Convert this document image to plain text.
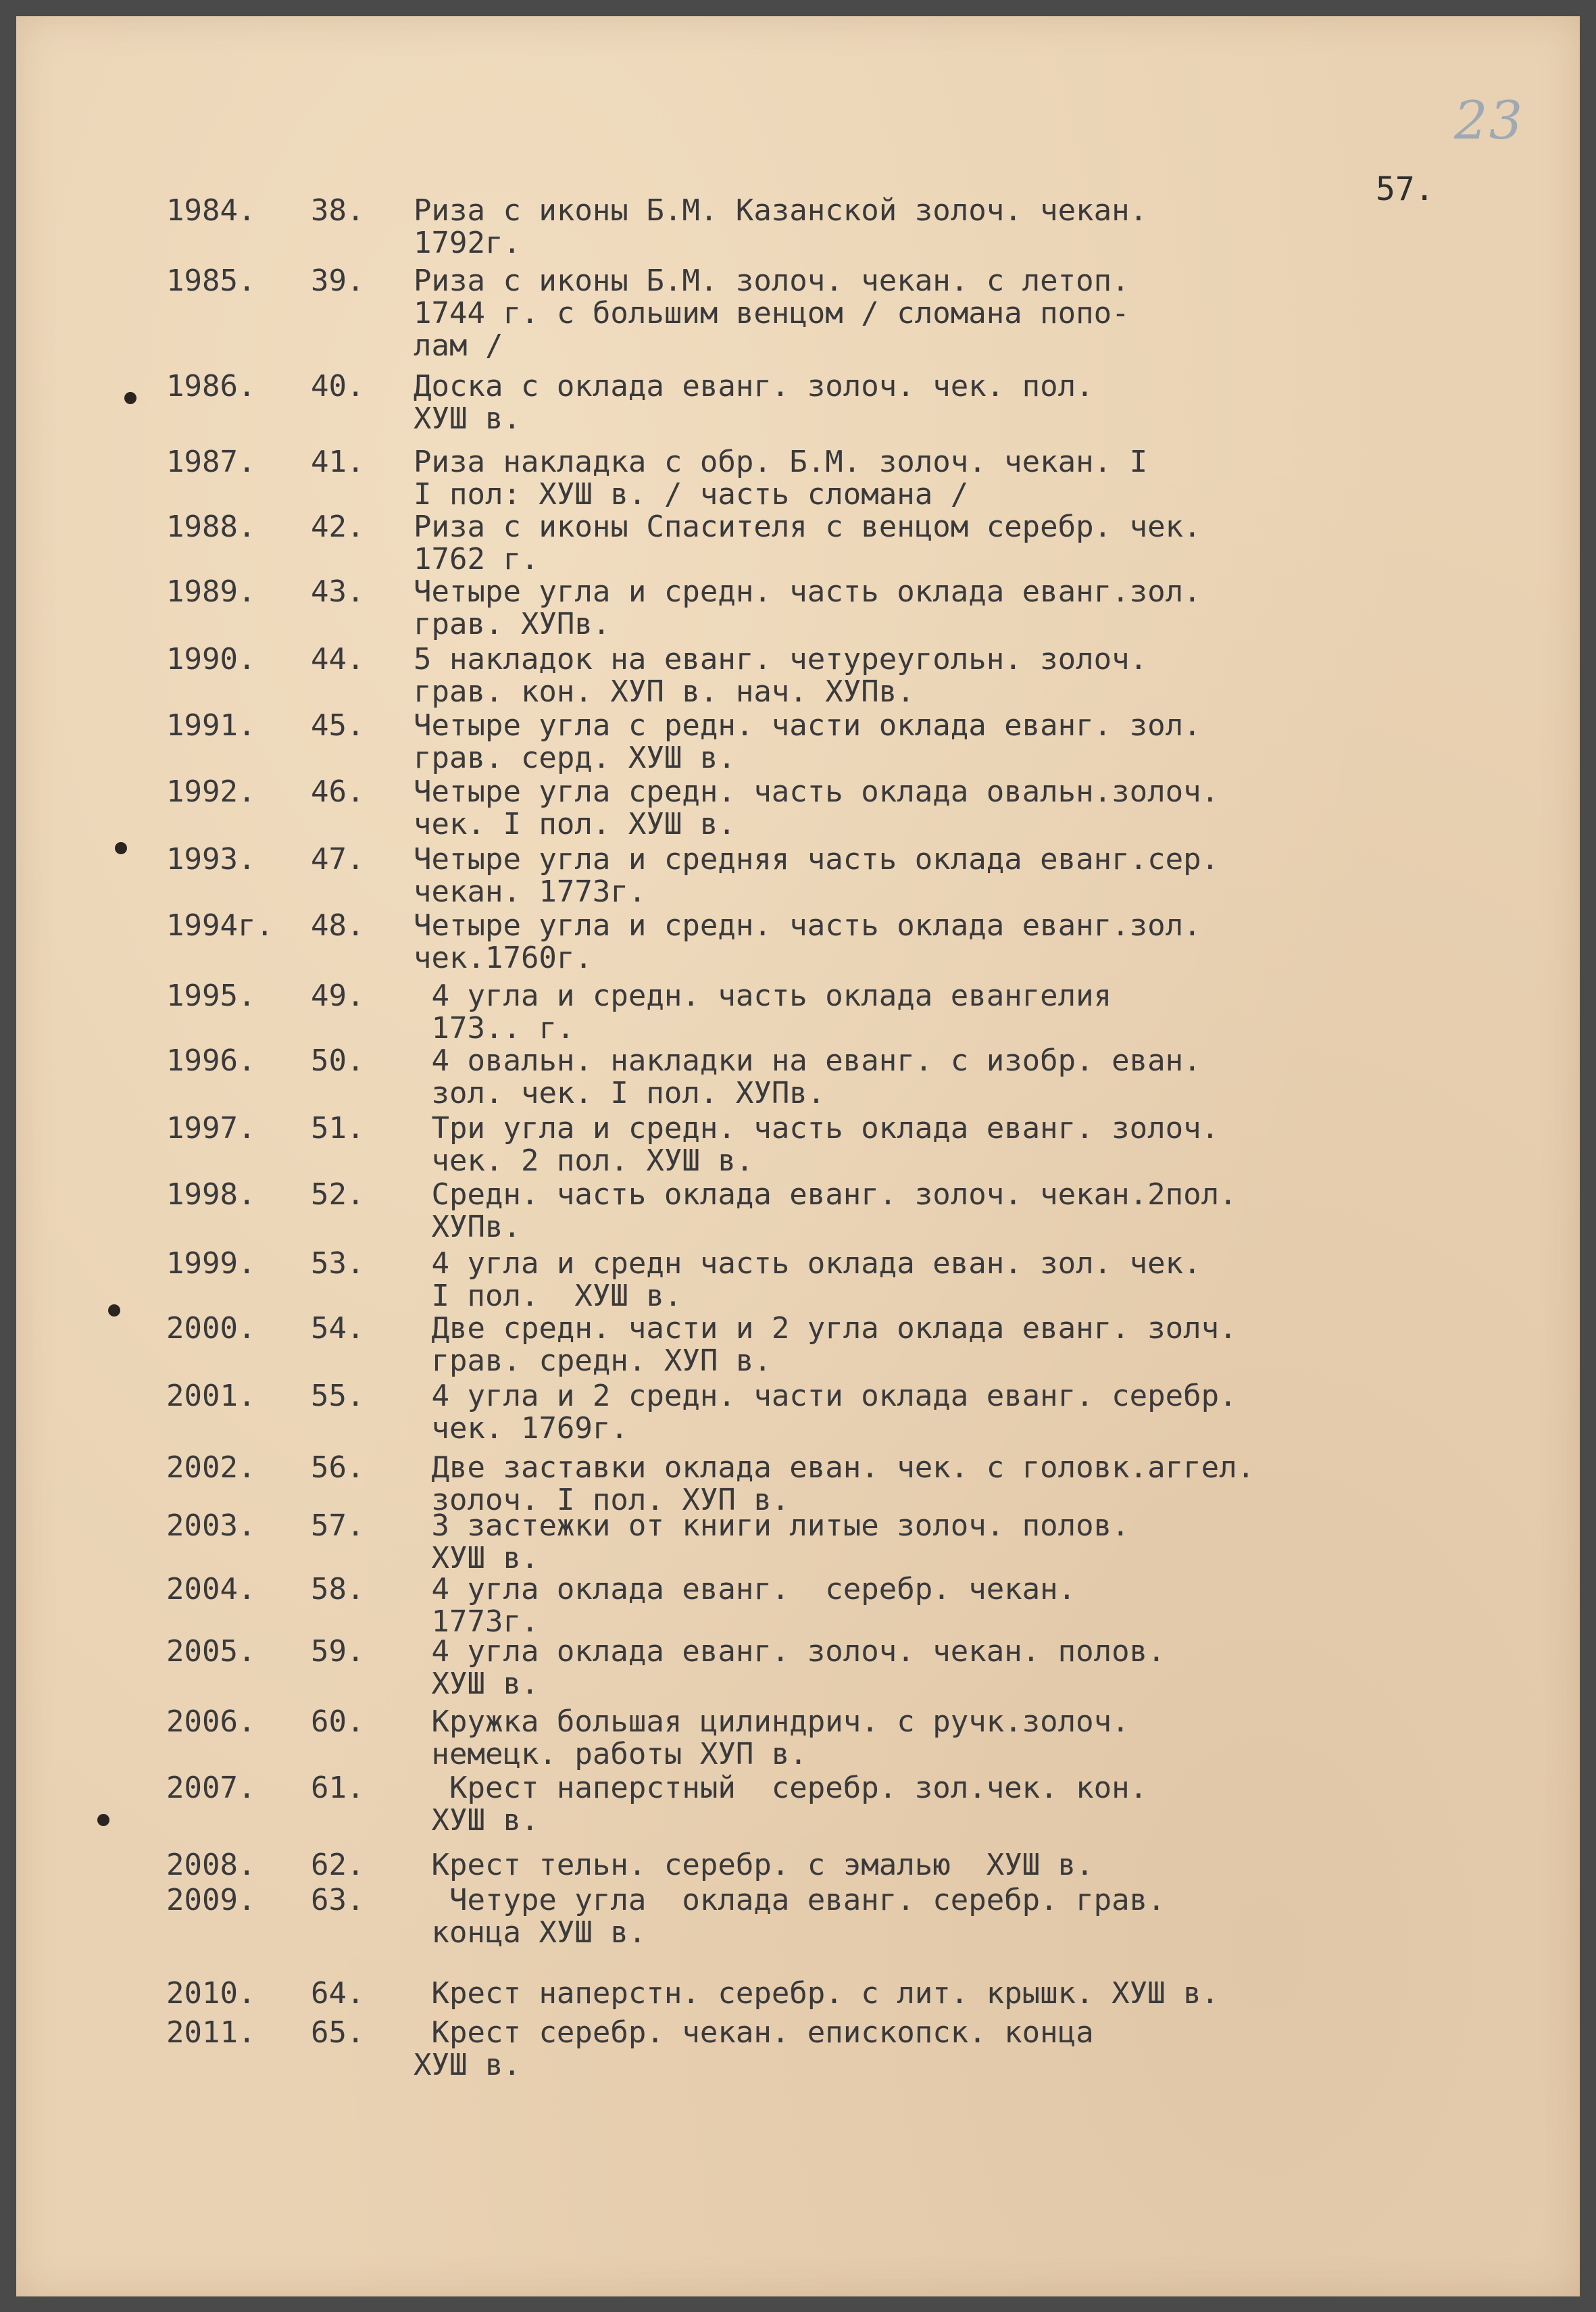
23
57.
1984. 38. Риза с иконы Б.М. Казанской золоч. чекан.
1792г.
1985. 39. Риза с иконы Б.М. золоч. чекан. с летоп.
1744 г. с большим венцом / сломана попо-
лам /
1986. 40. Доска с оклада еванг. золоч. чек. пол.
ХУШ в.
1987. 41. Риза накладка с обр. Б.М. золоч. чекан. I
I пол: ХУШ в. / часть сломана /
1988. 42. Риза с иконы Спасителя с венцом серебр. чек.
1762 г.
1989. 43. Четыре угла и средн. часть оклада еванг.зол.
грав. ХУПв.
1990. 44. 5 накладок на еванг. четуреугольн. золоч.
грав. кон. ХУП в. нач. ХУПв.
1991. 45. Четыре угла с редн. части оклада еванг. зол.
грав. серд. ХУШ в.
1992. 46. Четыре угла средн. часть оклада овальн.золоч.
чек. I пол. ХУШ в.
1993. 47. Четыре угла и средняя часть оклада еванг.сер.
чекан. 1773г.
1994г. 48. Четыре угла и средн. часть оклада еванг.зол.
чек.1760г.
1995. 49.	4 угла и средн. часть оклада евангелия
173.. г.
1996. 50.	4 овальн. накладки на еванг. с изобр. еван.
зол. чек. I пол. ХУПв.
1997. 51.	Три угла и средн. часть оклада еванг. золоч.
чек. 2 пол. ХУШ в.
1998. 52.	Средн. часть оклада еванг. золоч. чекан.2пол.
ХУПв.
1999. 53.	4 угла и средн часть оклада еван. зол. чек.
I пол.  ХУШ в.
2000. 54.	Две средн. части и 2 угла оклада еванг. золч.
грав. средн. ХУП в.
2001. 55.	4 угла и 2 средн. части оклада еванг. серебр.
чек. 1769г.
2002. 56.	Две заставки оклада еван. чек. с головк.аггел.
золоч. I пол. ХУП в.
2003. 57.	3 застежки от книги литые золоч. полов.
ХУШ в.
2004. 58.	4 угла оклада еванг.  серебр. чекан.
1773г.
2005. 59.	4 угла оклада еванг. золоч. чекан. полов.
ХУШ в.
2006. 60.	Кружка большая цилиндрич. с ручк.золоч.
немецк. работы ХУП в.
2007. 61.	Крест наперстный  серебр. зол.чек. кон.
ХУШ в.
2008. 62. Крест тельн. серебр. с эмалью  ХУШ в.
2009. 63.	Четуре угла  оклада еванг. серебр. грав.
конца ХУШ в.
2010. 64. Крест наперстн. серебр. с лит. крышк. ХУШ в.
2011. 65.	Крест серебр. чекан. епископск. конца
ХУШ в.
